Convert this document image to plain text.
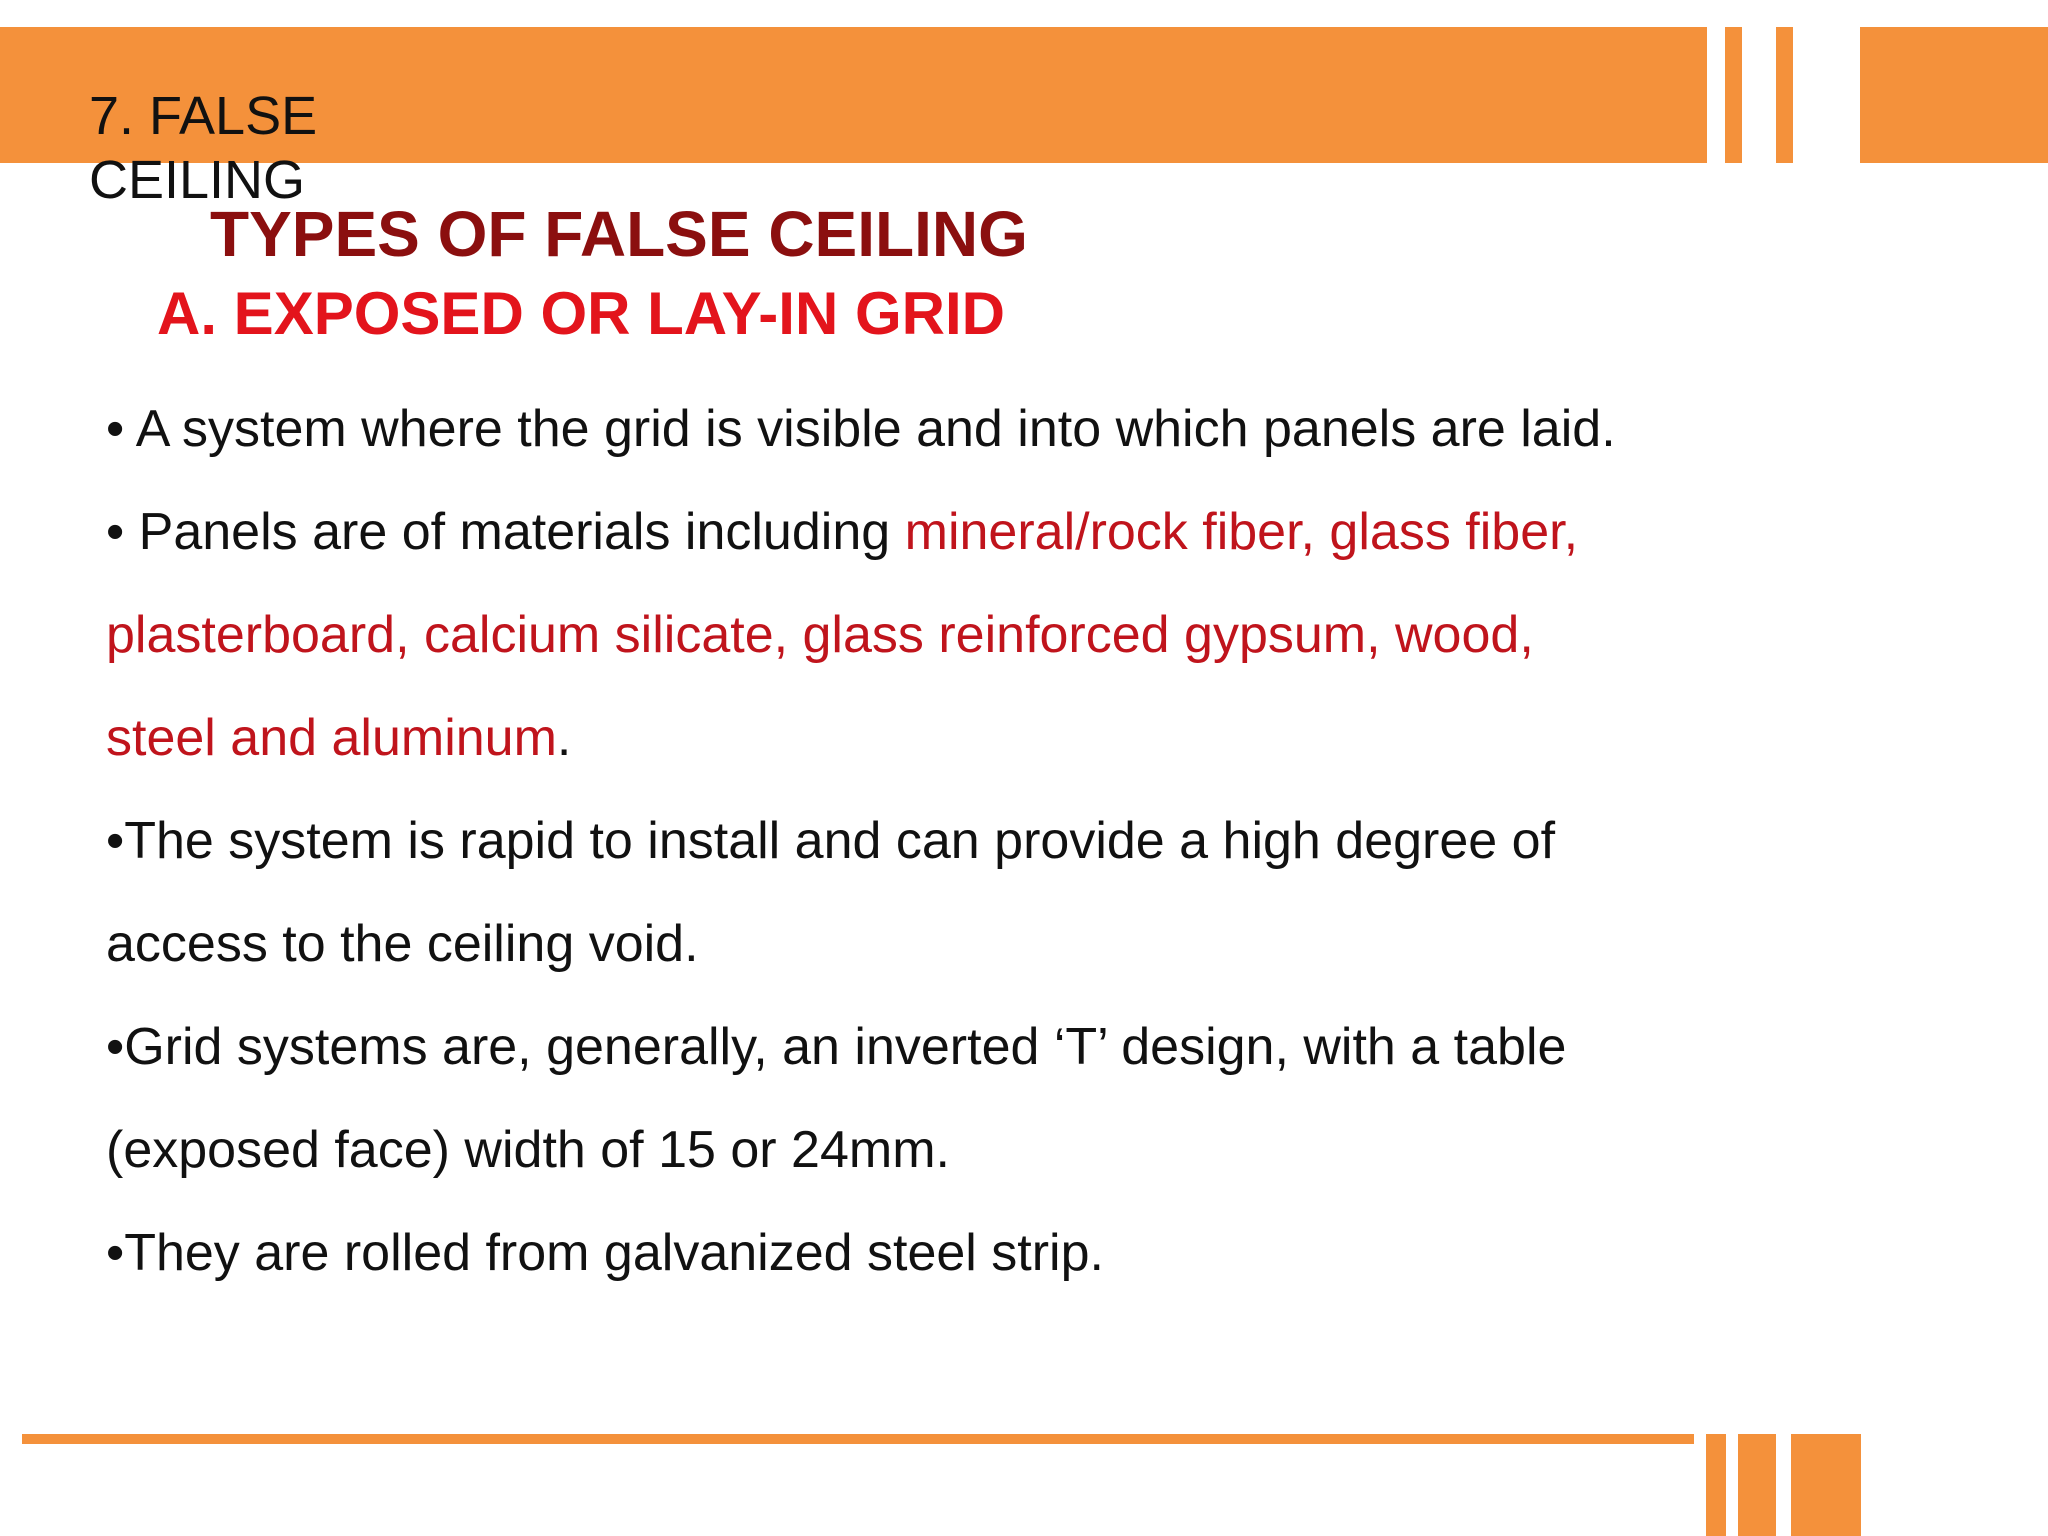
7. FALSE CEILING
TYPES OF FALSE CEILING
A. EXPOSED OR LAY-IN GRID
• A system where the grid is visible and into which panels are laid.
• Panels are of materials including mineral/rock fiber, glass fiber,
plasterboard, calcium silicate, glass reinforced gypsum, wood,
steel and aluminum.
•The system is rapid to install and can provide a high degree of
access to the ceiling void.
•Grid systems are, generally, an inverted ‘T’ design, with a table
(exposed face) width of 15 or 24mm.
•They are rolled from galvanized steel strip.
